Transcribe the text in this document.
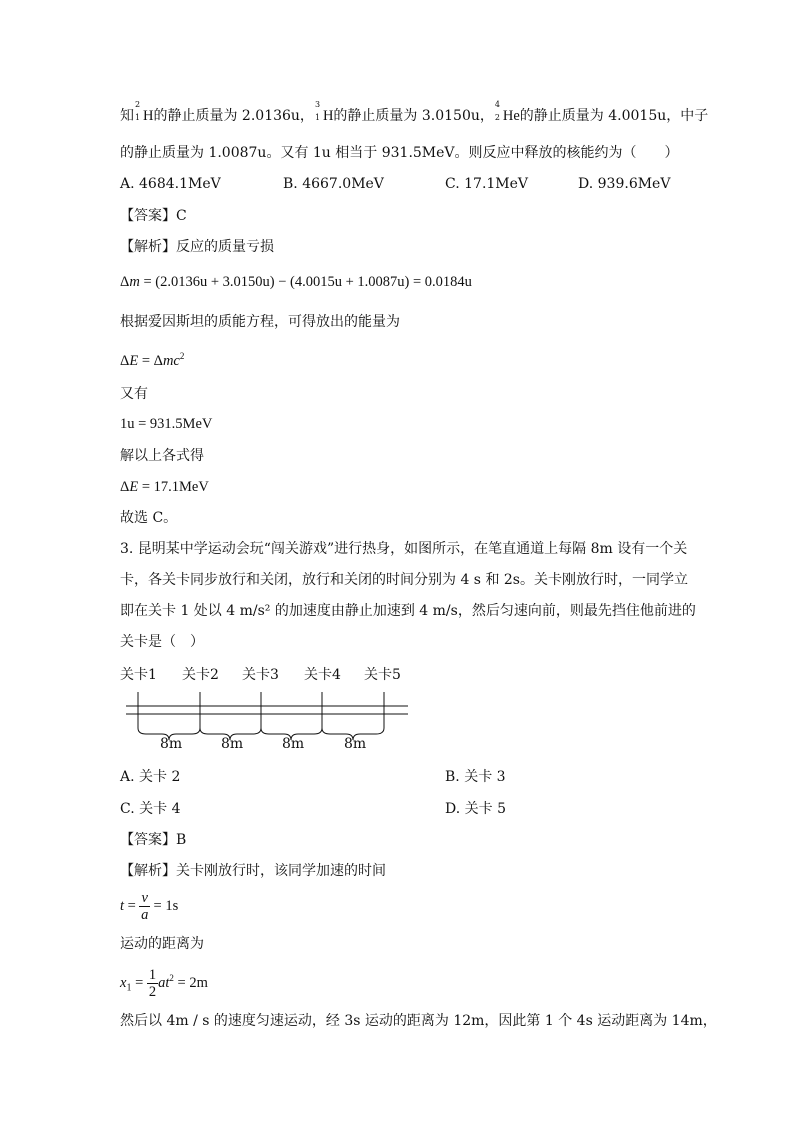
知
2
1 H的静止质量为 2.0136u，
3
1 H的静止质量为 3.0150u，
4
2 He的静止质量为 4.0015u，中子
的静止质量为 1.0087u。又有 1u 相当于 931.5MeV。则反应中释放的核能约为（　　）
A. 4684.1MeV	B. 4667.0MeV	C. 17.1MeV	D. 939.6MeV
【答案】C
【解析】反应的质量亏损
Δm = (2.0136u + 3.0150u) − (4.0015u + 1.0087u) = 0.0184u
根据爱因斯坦的质能方程，可得放出的能量为
ΔE = Δmc$^2$
又有
1u = 931.5MeV
解以上各式得
ΔE = 17.1MeV
故选 C。
3. 昆明某中学运动会玩“闯关游戏”进行热身，如图所示，在笔直通道上每隔 8m 设有一个关
卡，各关卡同步放行和关闭，放行和关闭的时间分别为 4 s 和 2s。关卡刚放行时，一同学立
即在关卡 1 处以 4 m/s² 的加速度由静止加速到 4 m/s，然后匀速向前，则最先挡住他前进的
关卡是（　）
关卡1 关卡2 关卡3 关卡4 关卡5
8m	8m	8m	8m
A. 关卡 2	B. 关卡 3
C. 关卡 4	D. 关卡 5
【答案】B
【解析】关卡刚放行时，该同学加速的时间
$t = \frac{v}{a} = 1s$
运动的距离为
$x_1 = \frac{1}{2} at^2 = 2m$
然后以 4m / s 的速度匀速运动，经 3s 运动的距离为 12m，因此第 1 个 4s 运动距离为 14m，
